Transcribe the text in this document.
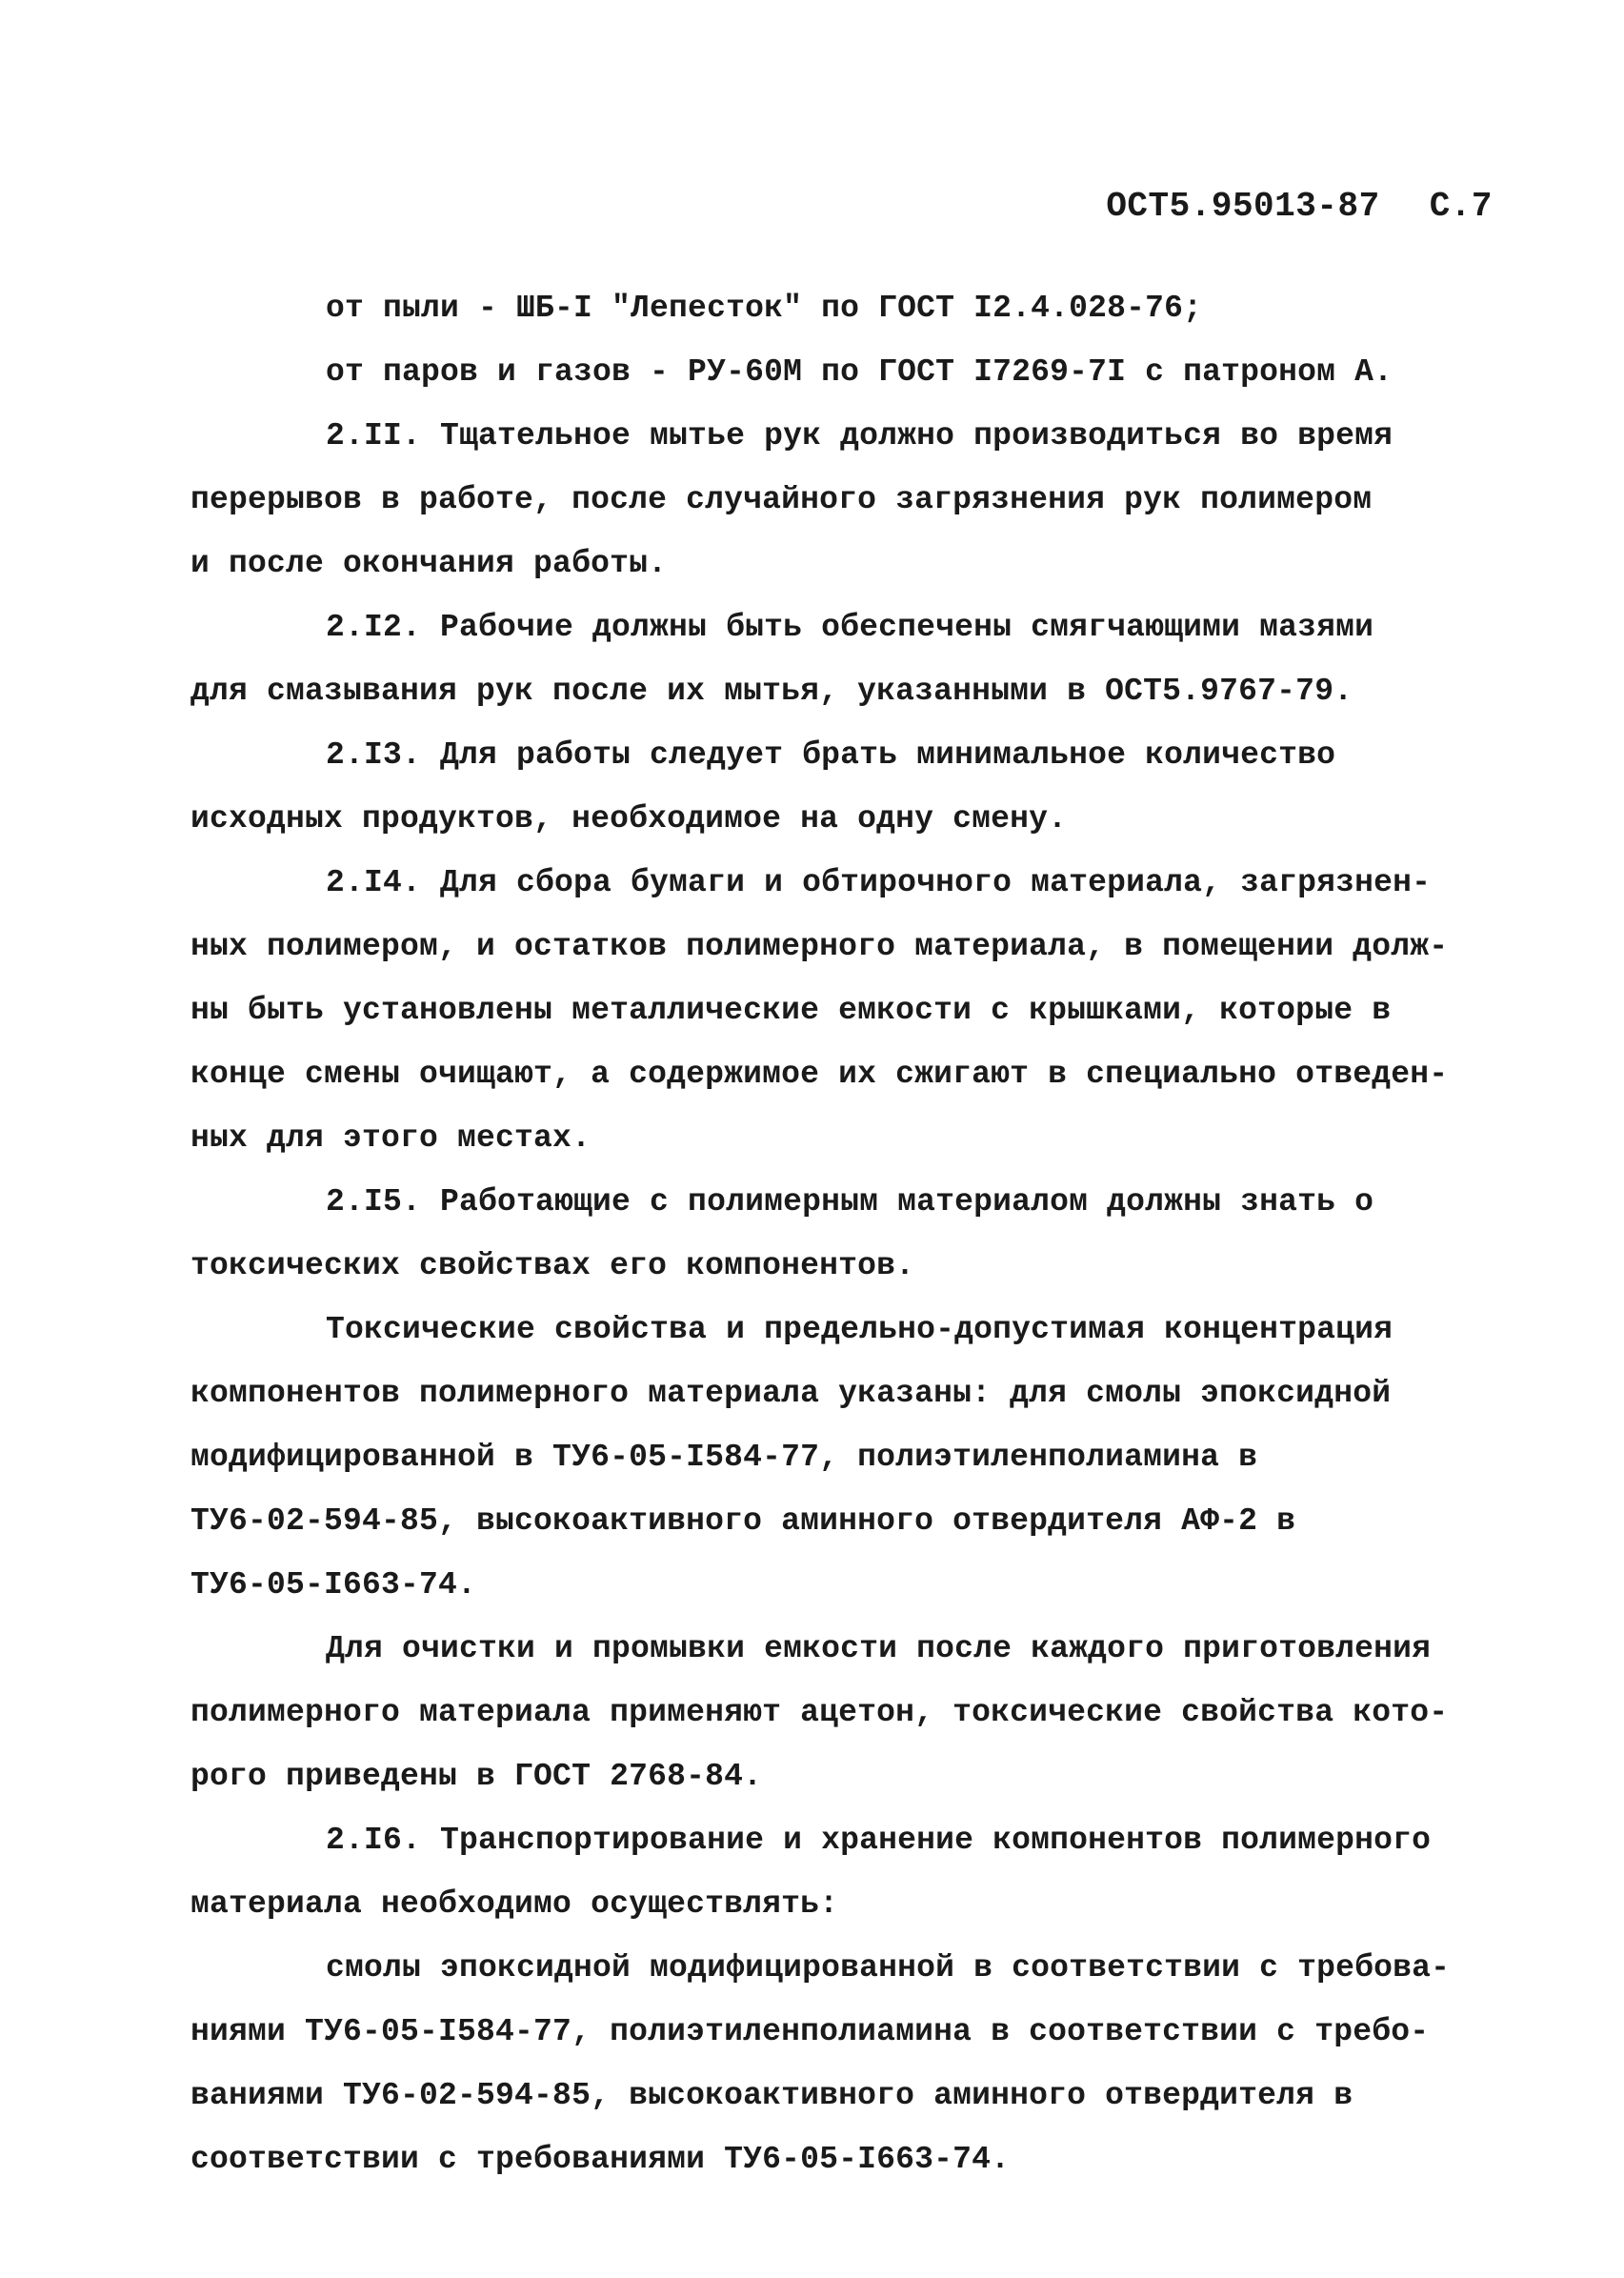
ОСТ5.95013-87 С.7
от пыли - ШБ-I "Лепесток" по ГОСТ I2.4.028-76;
от паров и газов - РУ-60М по ГОСТ I7269-7I с патроном А.
2.II. Тщательное мытье рук должно производиться во время
перерывов в работе, после случайного загрязнения рук полимером
и после окончания работы.
2.I2. Рабочие должны быть обеспечены смягчающими мазями
для смазывания рук после их мытья, указанными в ОСТ5.9767-79.
2.I3. Для работы следует брать минимальное количество
исходных продуктов, необходимое на одну смену.
2.I4. Для сбора бумаги и обтирочного материала, загрязнен-
ных полимером, и остатков полимерного материала, в помещении долж-
ны быть установлены металлические емкости с крышками, которые в
конце смены очищают, а содержимое их сжигают в специально отведен-
ных для этого местах.
2.I5. Работающие с полимерным материалом должны знать о
токсических свойствах его компонентов.
Токсические свойства и предельно-допустимая концентрация
компонентов полимерного материала указаны: для смолы эпоксидной
модифицированной в ТУ6-05-I584-77, полиэтиленполиамина в
ТУ6-02-594-85, высокоактивного аминного отвердителя АФ-2 в
ТУ6-05-I663-74.
Для очистки и промывки емкости после каждого приготовления
полимерного материала применяют ацетон, токсические свойства кото-
рого приведены в ГОСТ 2768-84.
2.I6. Транспортирование и хранение компонентов полимерного
материала необходимо осуществлять:
смолы эпоксидной модифицированной в соответствии с требова-
ниями ТУ6-05-I584-77, полиэтиленполиамина в соответствии с требо-
ваниями ТУ6-02-594-85, высокоактивного аминного отвердителя в
соответствии с требованиями ТУ6-05-I663-74.
